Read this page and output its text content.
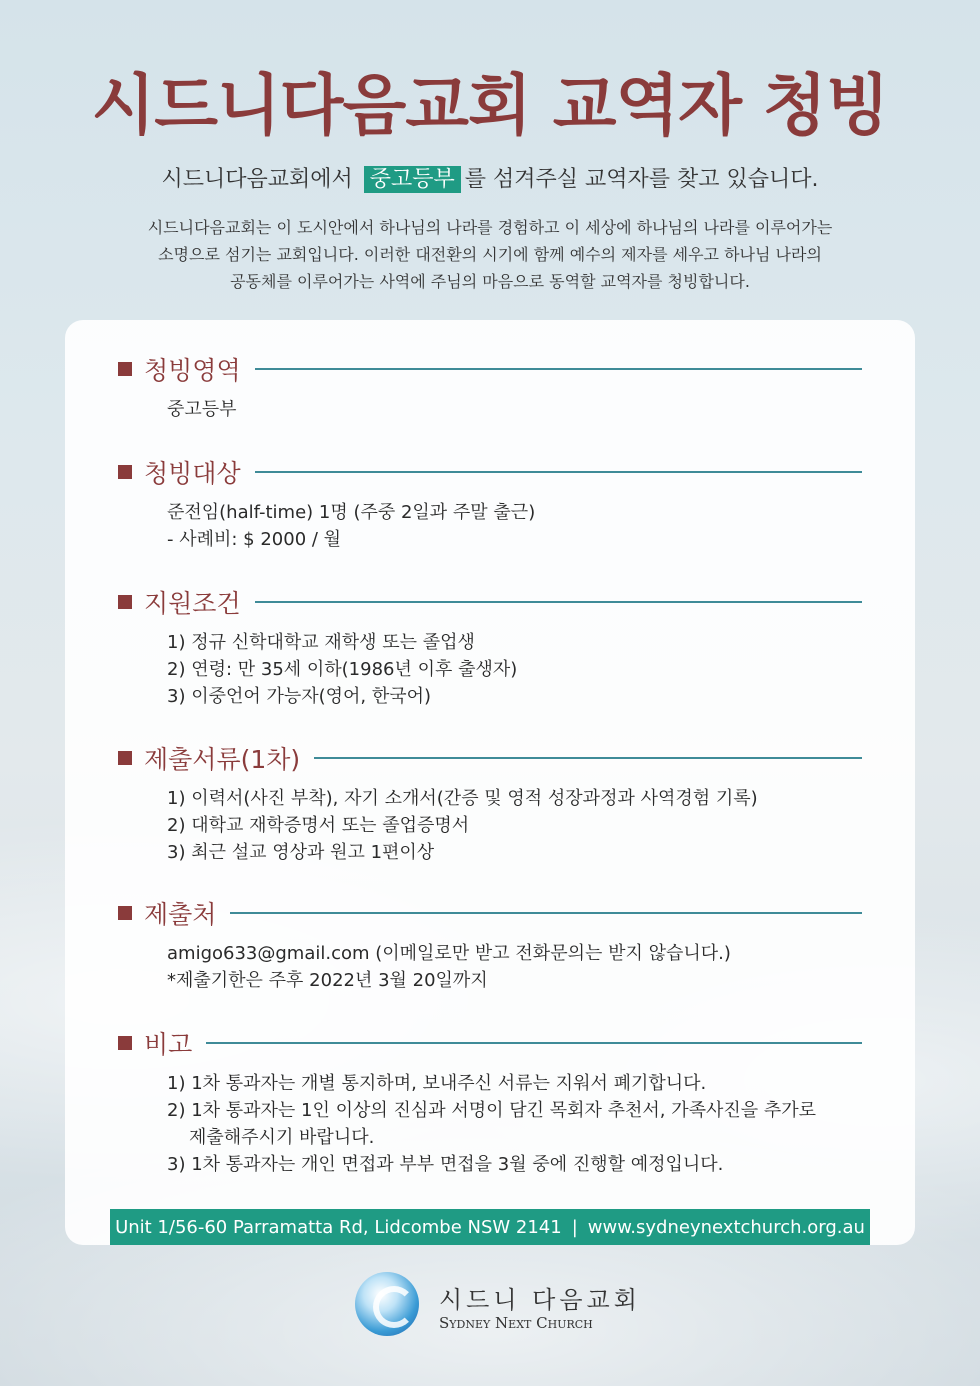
시드니다음교회 교역자 청빙
시드니다음교회에서 중고등부 를 섬겨주실 교역자를 찾고 있습니다.
시드니다음교회는 이 도시안에서 하나님의 나라를 경험하고 이 세상에 하나님의 나라를 이루어가는
소명으로 섬기는 교회입니다. 이러한 대전환의 시기에 함께 예수의 제자를 세우고 하나님 나라의
공동체를 이루어가는 사역에 주님의 마음으로 동역할 교역자를 청빙합니다.
청빙영역
중고등부
청빙대상
준전임(half-time) 1명 (주중 2일과 주말 출근)
- 사례비: $ 2000 / 월
지원조건
1) 정규 신학대학교 재학생 또는 졸업생
2) 연령: 만 35세 이하(1986년 이후 출생자)
3) 이중언어 가능자(영어, 한국어)
제출서류(1차)
1) 이력서(사진 부착), 자기 소개서(간증 및 영적 성장과정과 사역경험 기록)
2) 대학교 재학증명서 또는 졸업증명서
3) 최근 설교 영상과 원고 1편이상
제출처
amigo633@gmail.com (이메일로만 받고 전화문의는 받지 않습니다.)
*제출기한은 주후 2022년 3월 20일까지
비고
1) 1차 통과자는 개별 통지하며, 보내주신 서류는 지워서 폐기합니다.
2) 1차 통과자는 1인 이상의 진심과 서명이 담긴 목회자 추천서, 가족사진을 추가로
제출해주시기 바랍니다.
3) 1차 통과자는 개인 면접과 부부 면접을 3월 중에 진행할 예정입니다.
Unit 1/56-60 Parramatta Rd, Lidcombe NSW 2141 | www.sydneynextchurch.org.au
시드니 다음교회
Sydney Next Church
